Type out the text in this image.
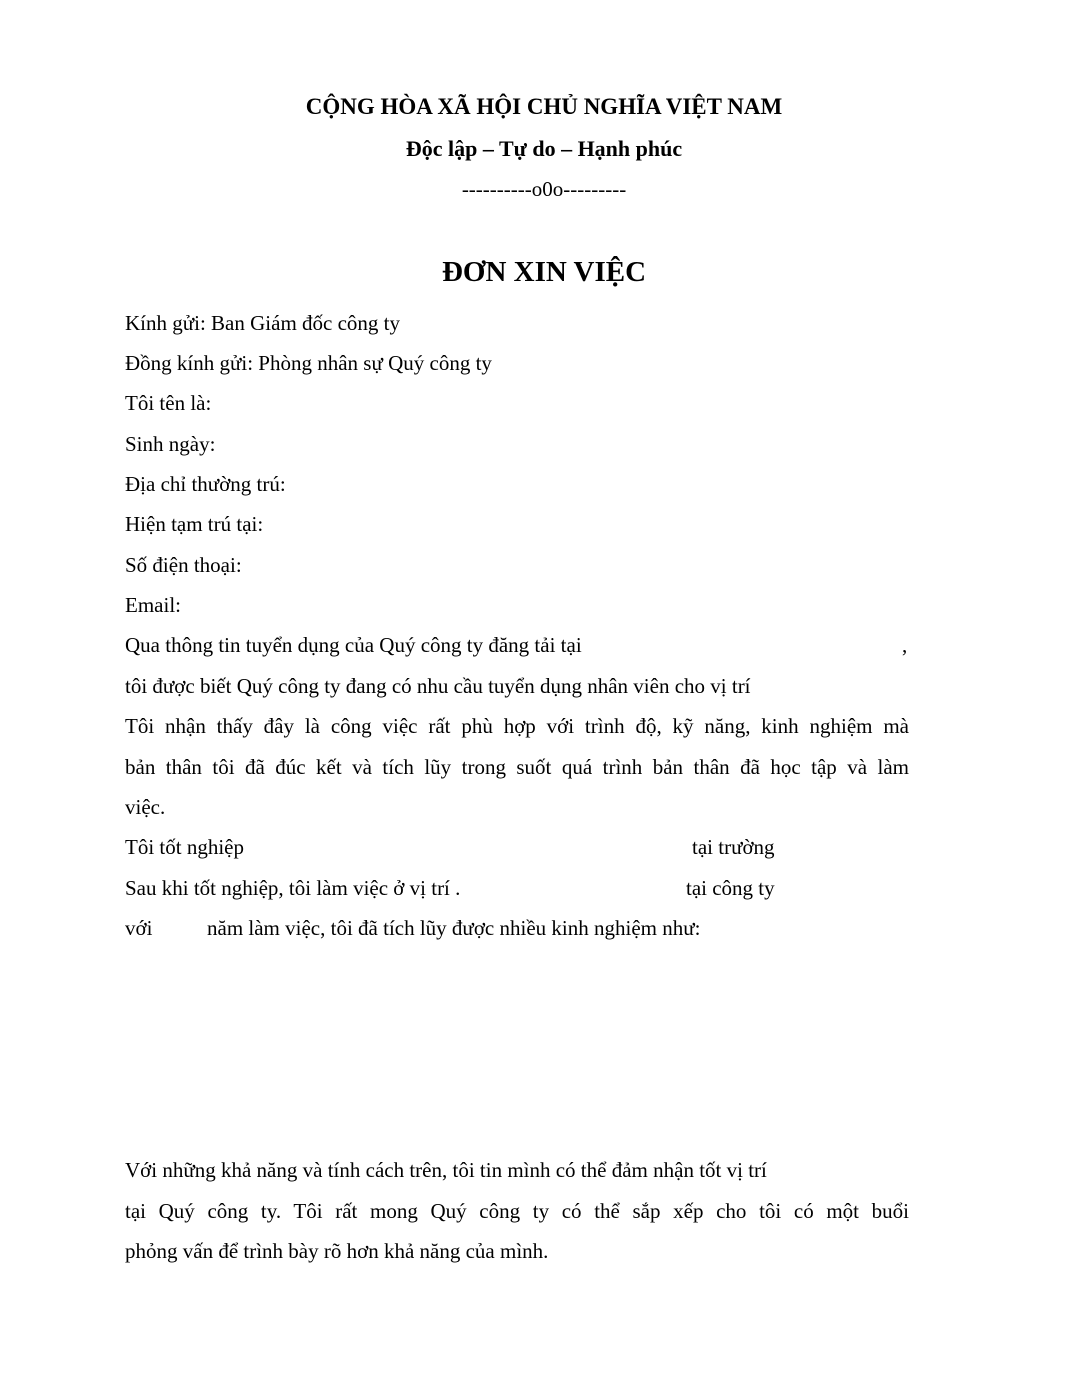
CỘNG HÒA XÃ HỘI CHỦ NGHĨA VIỆT NAM
Độc lập – Tự do – Hạnh phúc
----------o0o---------
ĐƠN XIN VIỆC
Kính gửi: Ban Giám đốc công ty
Đồng kính gửi: Phòng nhân sự Quý công ty
Tôi tên là:
Sinh ngày:
Địa chỉ thường trú:
Hiện tạm trú tại:
Số điện thoại:
Email:
Qua thông tin tuyển dụng của Quý công ty đăng tải tại	,
tôi được biết Quý công ty đang có nhu cầu tuyển dụng nhân viên cho vị trí
Tôi nhận thấy đây là công việc rất phù hợp với trình độ, kỹ năng, kinh nghiệm mà
bản thân tôi đã đúc kết và tích lũy trong suốt quá trình bản thân đã học tập và làm
việc.
Tôi tốt nghiệp	tại trường
Sau khi tốt nghiệp, tôi làm việc ở vị trí .	tại công ty
với	năm làm việc, tôi đã tích lũy được nhiều kinh nghiệm như:
Với những khả năng và tính cách trên, tôi tin mình có thể đảm nhận tốt vị trí
tại Quý công ty. Tôi rất mong Quý công ty có thể sắp xếp cho tôi có một buổi
phỏng vấn để trình bày rõ hơn khả năng của mình.
